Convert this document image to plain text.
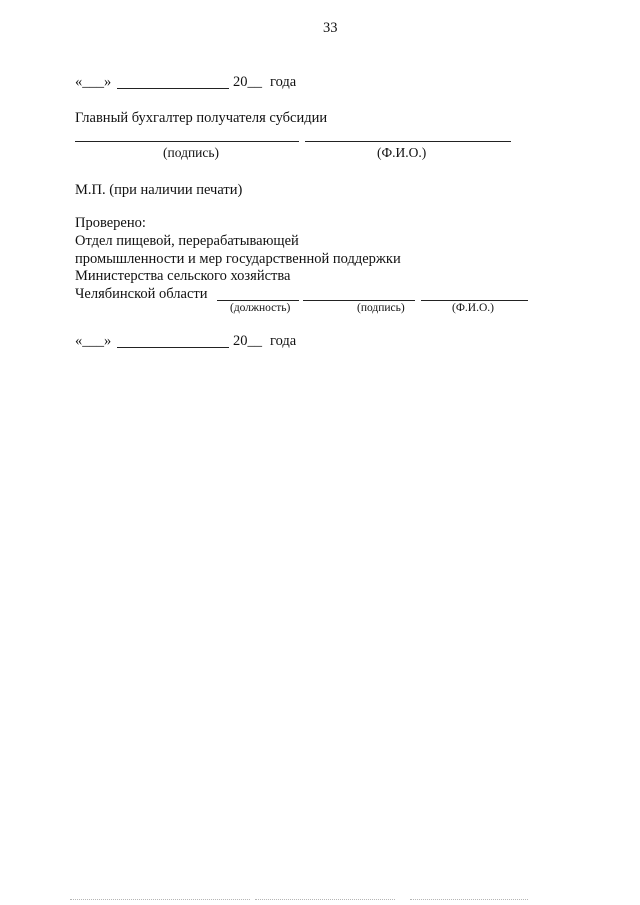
33
«___»	20__ года
Главный бухгалтер получателя субсидии
(подпись)	(Ф.И.О.)
М.П. (при наличии печати)
Проверено:
Отдел пищевой, перерабатывающей
промышленности и мер государственной поддержки
Министерства сельского хозяйства
Челябинской области
(должность)	(подпись)	(Ф.И.О.)
«___»	20__ года
